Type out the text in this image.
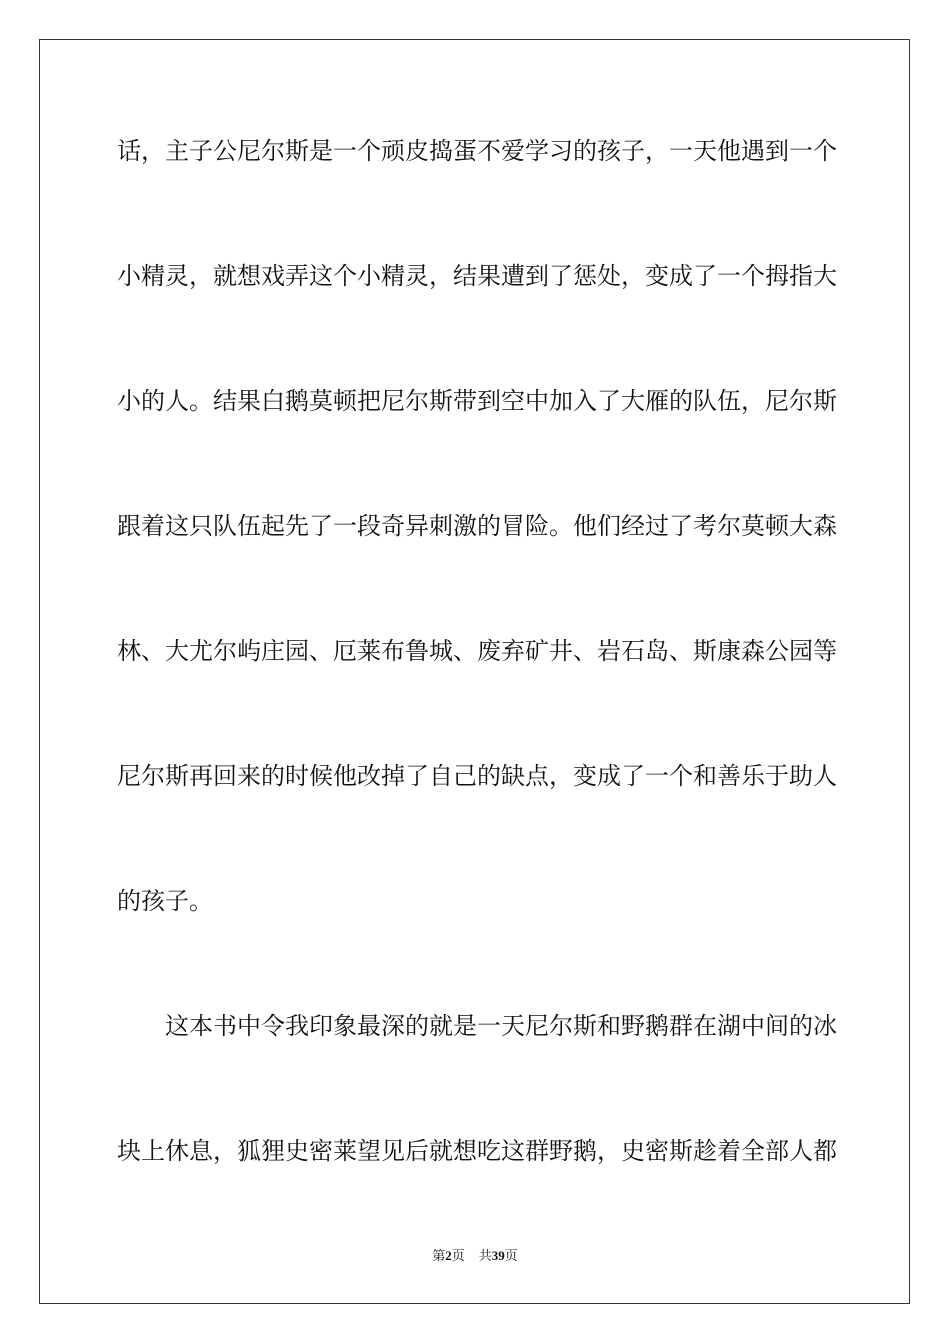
话，主子公尼尔斯是一个顽皮捣蛋不爱学习的孩子，一天他遇到一个
小精灵，就想戏弄这个小精灵，结果遭到了惩处，变成了一个拇指大
小的人。结果白鹅莫顿把尼尔斯带到空中加入了大雁的队伍，尼尔斯
跟着这只队伍起先了一段奇异刺激的冒险。他们经过了考尔莫顿大森
林、大尤尔屿庄园、厄莱布鲁城、废弃矿井、岩石岛、斯康森公园等
尼尔斯再回来的时候他改掉了自己的缺点，变成了一个和善乐于助人
的孩子。
这本书中令我印象最深的就是一天尼尔斯和野鹅群在湖中间的冰
块上休息，狐狸史密莱望见后就想吃这群野鹅，史密斯趁着全部人都
第2页 共39页
